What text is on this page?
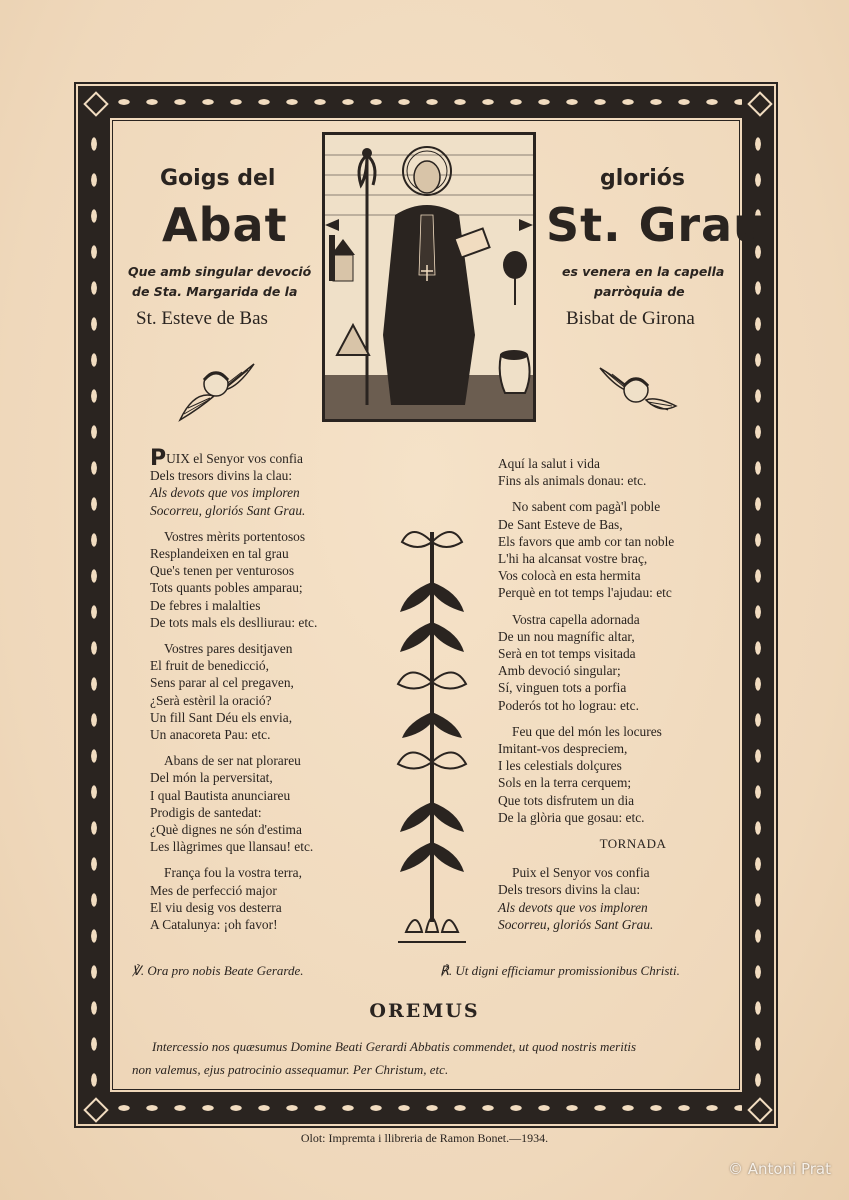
Goigs del
Abat
gloriós
St. Grau
Que amb singular devoció
de Sta. Margarida de la
St. Esteve de Bas
es venera en la capella
parròquia de
Bisbat de Girona

PUIX el Senyor vos confia

Dels tresors divins la clau:

Als devots que vos imploren

Socorreu, gloriós Sant Grau.

Vostres mèrits portentosos

Resplandeixen en tal grau

Que's tenen per venturosos

Tots quants pobles amparau;

De febres i malalties

De tots mals els deslliurau: etc.

Vostres pares desitjaven

El fruit de benedicció,

Sens parar al cel pregaven,

¿Serà estèril la oració?

Un fill Sant Déu els envia,

Un anacoreta Pau: etc.

Abans de ser nat plorareu

Del món la perversitat,

I qual Bautista anunciareu

Prodigis de santedat:

¿Què dignes ne són d'estima

Les llàgrimes que llansau! etc.

França fou la vostra terra,

Mes de perfecció major

El viu desig vos desterra

A Catalunya: ¡oh favor!

Aquí la salut i vida

Fins als animals donau: etc.

No sabent com pagà'l poble

De Sant Esteve de Bas,

Els favors que amb cor tan noble

L'hi ha alcansat vostre braç,

Vos colocà en esta hermita

Perquè en tot temps l'ajudau: etc

Vostra capella adornada

De un nou magnífic altar,

Serà en tot temps visitada

Amb devoció singular;

Sí, vinguen tots a porfia

Poderós tot ho lograu: etc.

Feu que del món les locures

Imitant-vos despreciem,

I les celestials dolçures

Sols en la terra cerquem;

Que tots disfrutem un dia

De la glòria que gosau: etc.

TORNADA

Puix el Senyor vos confia

Dels tresors divins la clau:

Als devots que vos imploren

Socorreu, gloriós Sant Grau.

℣. Ora pro nobis Beate Gerarde.	℟. Ut digni efficiamur promissionibus Christi.
OREMUS
Intercessio nos quæsumus Domine Beati Gerardi Abbatis commendet, ut quod nostris meritis
non valemus, ejus patrocinio assequamur. Per Christum, etc.
Olot: Impremta i llibreria de Ramon Bonet.—1934.
© Antoni Prat
